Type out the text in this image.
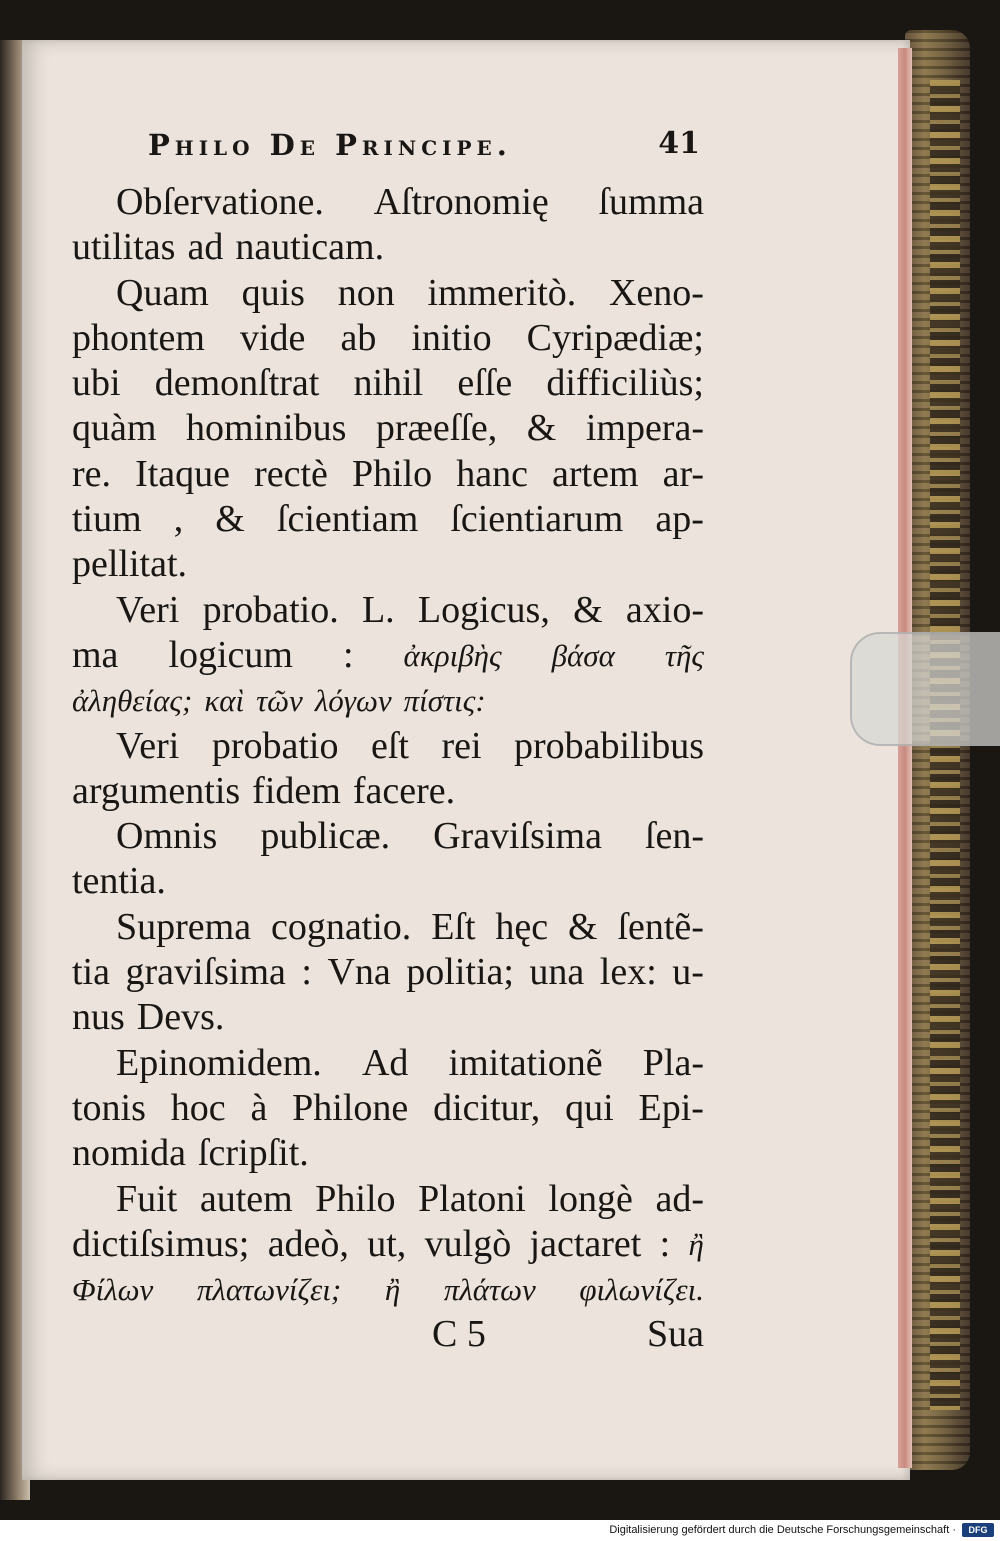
Philo De Principe.	41
Obſervatione. Aſtronomię ſumma
utilitas ad nauticam.
Quam quis non immeritò. Xeno-
phontem vide ab initio Cyripædiæ;
ubi demonſtrat nihil eſſe difficiliùs;
quàm hominibus præeſſe, & impera-
re. Itaque rectè Philo hanc artem ar-
tium , & ſcientiam ſcientiarum ap-
pellitat.
Veri probatio. L. Logicus, & axio-
ma logicum : ἀκριβὴς βάσα τῆς
ἀληθείας; καὶ τῶν λόγων πίστις:
Veri probatio eſt rei probabilibus
argumentis fidem facere.
Omnis publicæ. Graviſsima ſen-
tentia.
Suprema cognatio. Eſt hęc & ſentẽ-
tia graviſsima : Vna politia; una lex: u-
nus Devs.
Epinomidem. Ad imitationẽ Pla-
tonis hoc à Philone dicitur, qui Epi-
nomida ſcripſit.
Fuit autem Philo Platoni longè ad-
dictiſsimus; adeò, ut, vulgò jactaret : ἢ
Φίλων πλατωνίζει; ἢ πλάτων φιλωνίζει.
C 5	Sua
Digitalisierung gefördert durch die Deutsche Forschungsgemeinschaft ·	DFG
